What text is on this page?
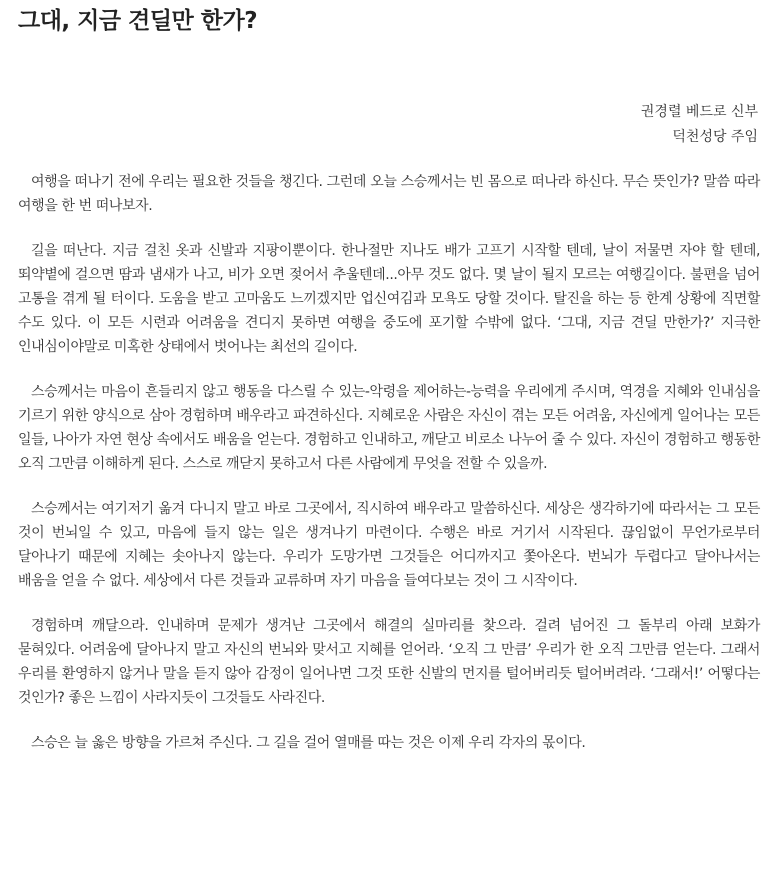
그대, 지금 견딜만 한가?
권경렬 베드로 신부
덕천성당 주임

여행을 떠나기 전에 우리는 필요한 것들을 챙긴다. 그런데 오늘 스승께서는 빈 몸으로 떠나라 하신다. 무슨 뜻인가? 말씀 따라 여행을 한 번 떠나보자.

길을 떠난다. 지금 걸친 옷과 신발과 지팡이뿐이다. 한나절만 지나도 배가 고프기 시작할 텐데, 날이 저물면 자야 할 텐데, 뙤약볕에 걸으면 땀과 냄새가 나고, 비가 오면 젖어서 추울텐데...아무 것도 없다. 몇 날이 될지 모르는 여행길이다. 불편을 넘어 고통을 겪게 될 터이다. 도움을 받고 고마움도 느끼겠지만 업신여김과 모욕도 당할 것이다. 탈진을 하는 등 한계 상황에 직면할 수도 있다. 이 모든 시련과 어려움을 견디지 못하면 여행을 중도에 포기할 수밖에 없다. ‘그대, 지금 견딜 만한가?’ 지극한 인내심이야말로 미혹한 상태에서 벗어나는 최선의 길이다.

스승께서는 마음이 흔들리지 않고 행동을 다스릴 수 있는-악령을 제어하는-능력을 우리에게 주시며, 역경을 지혜와 인내심을 기르기 위한 양식으로 삼아 경험하며 배우라고 파견하신다. 지혜로운 사람은 자신이 겪는 모든 어려움, 자신에게 일어나는 모든 일들, 나아가 자연 현상 속에서도 배움을 얻는다. 경험하고 인내하고, 깨닫고 비로소 나누어 줄 수 있다. 자신이 경험하고 행동한 오직 그만큼 이해하게 된다. 스스로 깨닫지 못하고서 다른 사람에게 무엇을 전할 수 있을까.

스승께서는 여기저기 옮겨 다니지 말고 바로 그곳에서, 직시하여 배우라고 말씀하신다. 세상은 생각하기에 따라서는 그 모든 것이 번뇌일 수 있고, 마음에 들지 않는 일은 생겨나기 마련이다. 수행은 바로 거기서 시작된다. 끊임없이 무언가로부터 달아나기 때문에 지혜는 솟아나지 않는다. 우리가 도망가면 그것들은 어디까지고 쫓아온다. 번뇌가 두렵다고 달아나서는 배움을 얻을 수 없다. 세상에서 다른 것들과 교류하며 자기 마음을 들여다보는 것이 그 시작이다.

경험하며 깨달으라. 인내하며 문제가 생겨난 그곳에서 해결의 실마리를 찾으라. 걸려 넘어진 그 돌부리 아래 보화가 묻혀있다. 어려움에 달아나지 말고 자신의 번뇌와 맞서고 지혜를 얻어라. ‘오직 그 만큼’ 우리가 한 오직 그만큼 얻는다. 그래서 우리를 환영하지 않거나 말을 듣지 않아 감정이 일어나면 그것 또한 신발의 먼지를 털어버리듯 털어버려라. ‘그래서!’ 어떻다는 것인가? 좋은 느낌이 사라지듯이 그것들도 사라진다.

스승은 늘 옳은 방향을 가르쳐 주신다. 그 길을 걸어 열매를 따는 것은 이제 우리 각자의 몫이다.
